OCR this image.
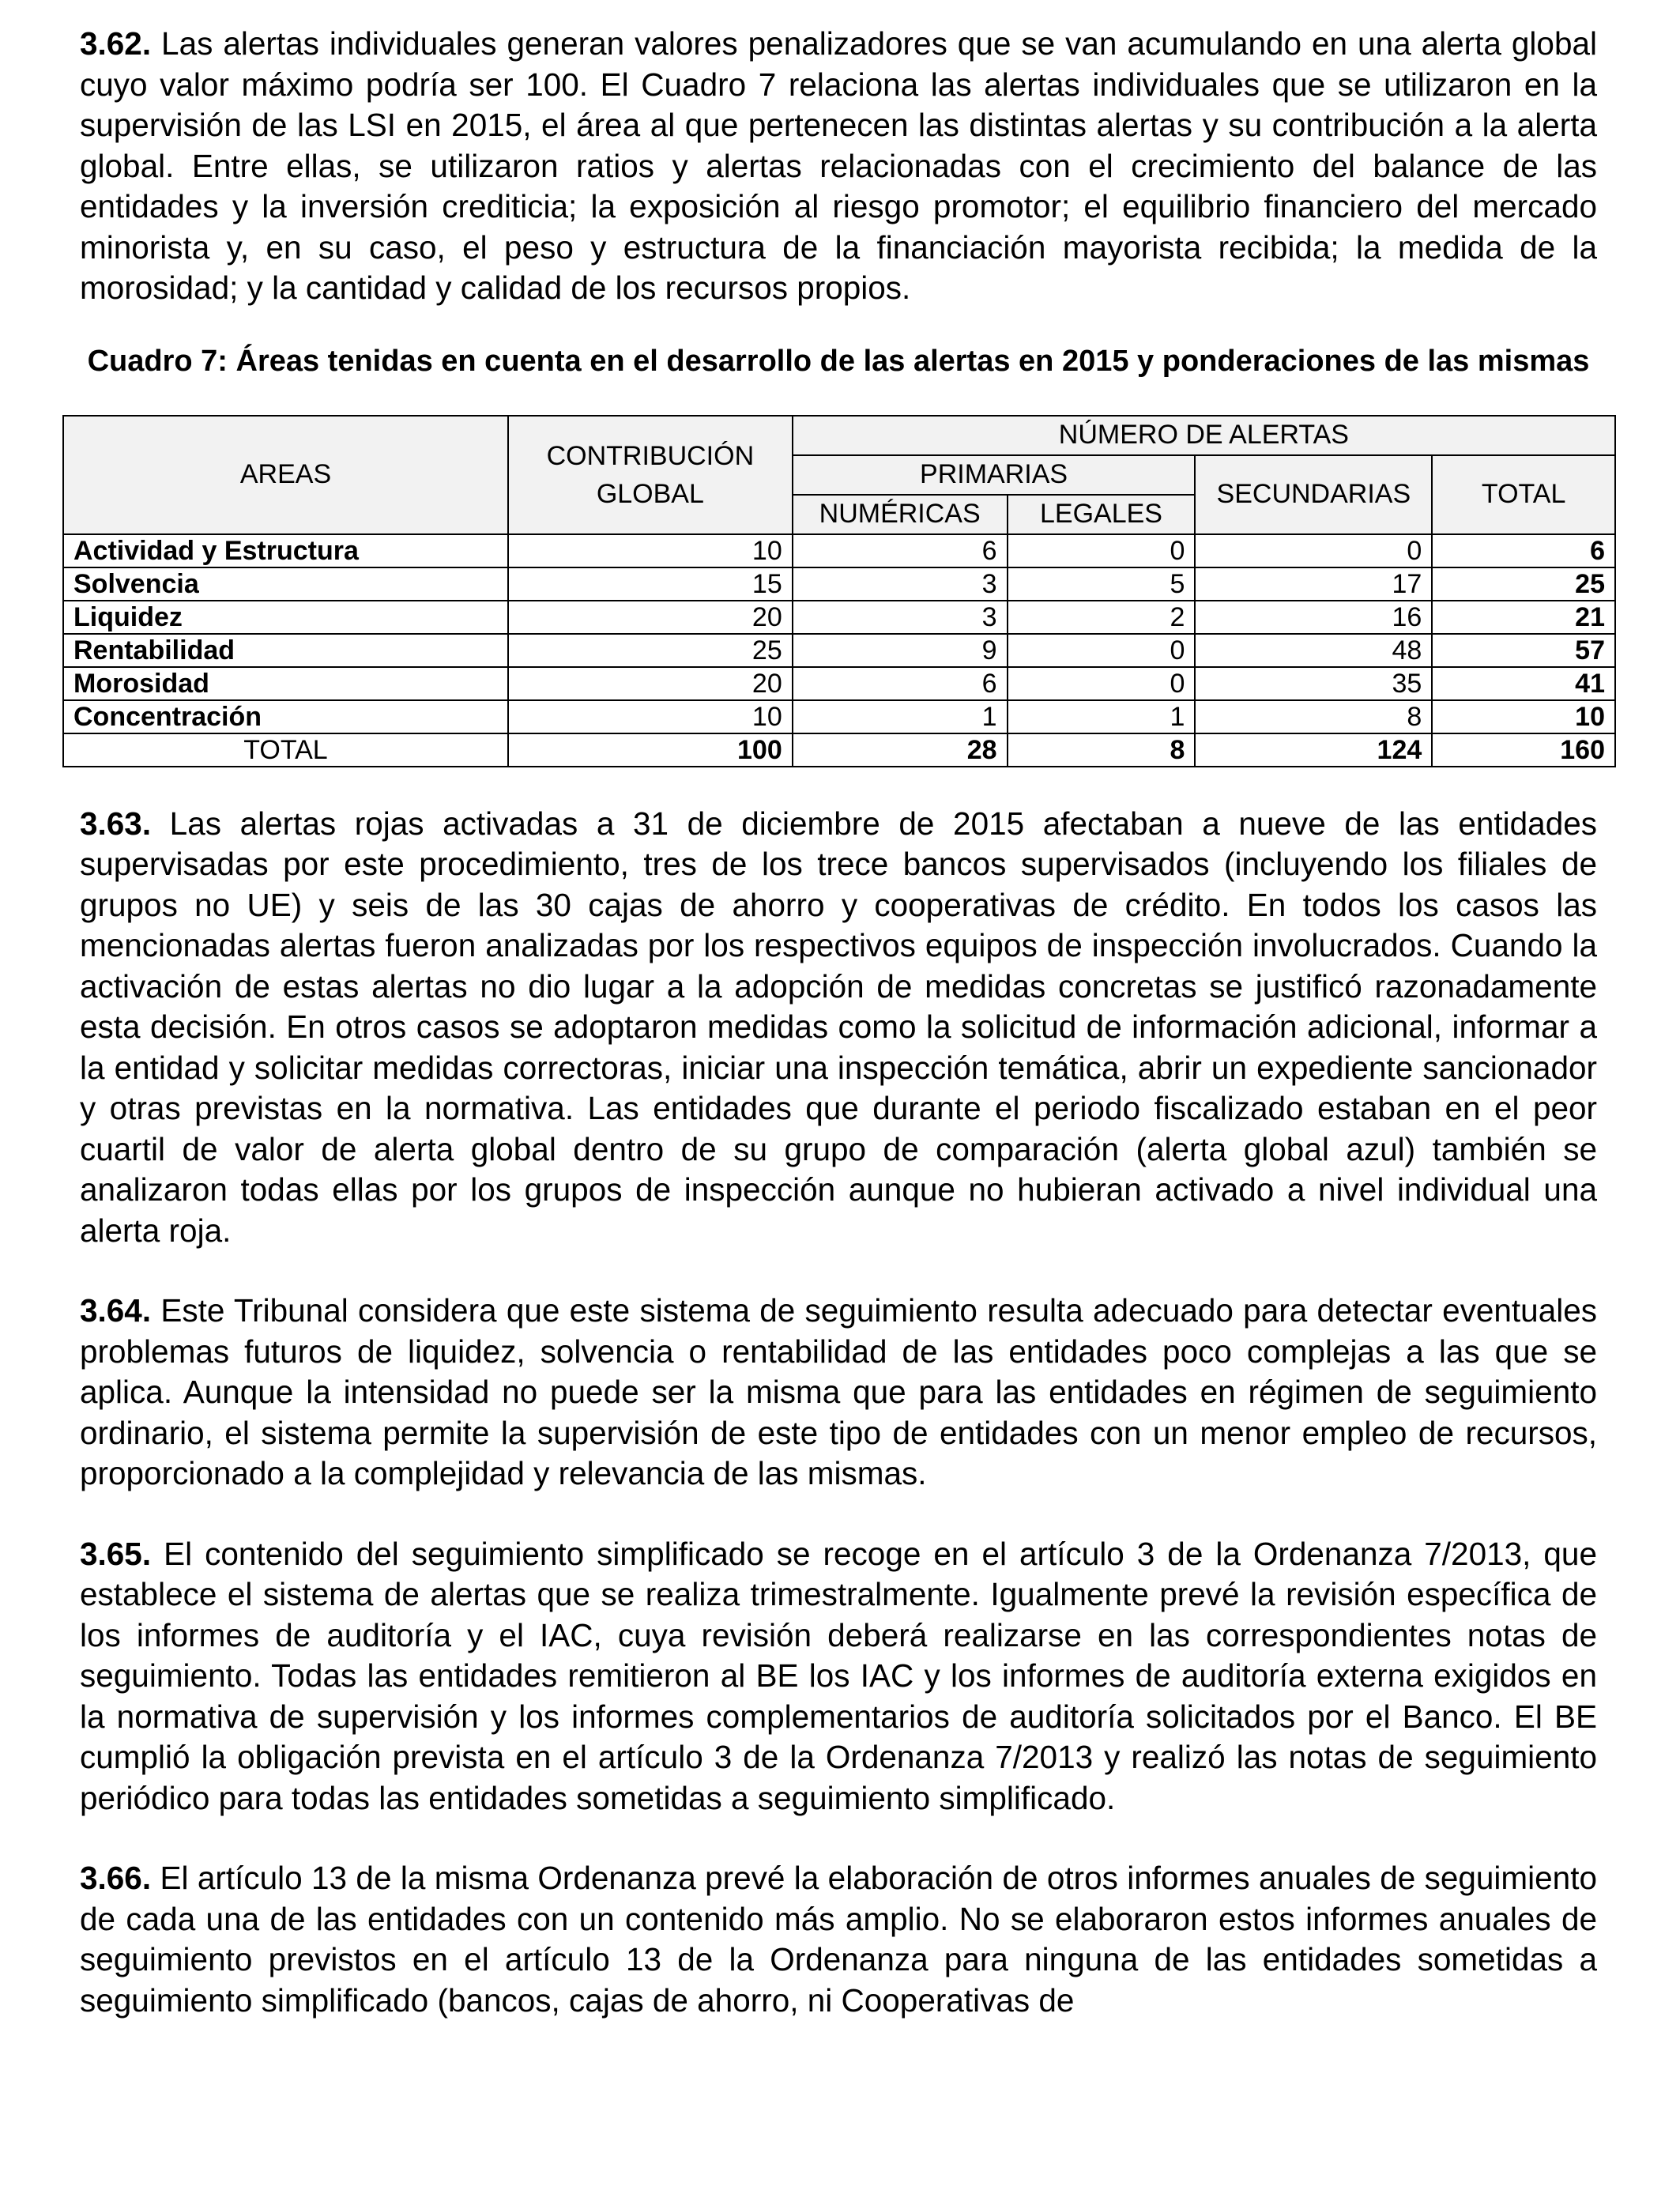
3.62. Las alertas individuales generan valores penalizadores que se van acumulando en una alerta global cuyo valor máximo podría ser 100. El Cuadro 7 relaciona las alertas individuales que se utilizaron en la supervisión de las LSI en 2015, el área al que pertenecen las distintas alertas y su contribución a la alerta global. Entre ellas, se utilizaron ratios y alertas relacionadas con el crecimiento del balance de las entidades y la inversión crediticia; la exposición al riesgo promotor; el equilibrio financiero del mercado minorista y, en su caso, el peso y estructura de la financiación mayorista recibida; la medida de la morosidad; y la cantidad y calidad de los recursos propios.

Cuadro 7: Áreas tenidas en cuenta en el desarrollo de las alertas en 2015 y ponderaciones de las mismas
AREAS	CONTRIBUCIÓN GLOBAL	NÚMERO DE ALERTAS			
		PRIMARIAS		SECUNDARIAS	TOTAL
		NUMÉRICAS	LEGALES		
Actividad y Estructura	10	6	0	0	6
Solvencia	15	3	5	17	25
Liquidez	20	3	2	16	21
Rentabilidad	25	9	0	48	57
Morosidad	20	6	0	35	41
Concentración	10	1	1	8	10
TOTAL	100	28	8	124	160

3.63. Las alertas rojas activadas a 31 de diciembre de 2015 afectaban a nueve de las entidades supervisadas por este procedimiento, tres de los trece bancos supervisados (incluyendo los filiales de grupos no UE) y seis de las 30 cajas de ahorro y cooperativas de crédito. En todos los casos las mencionadas alertas fueron analizadas por los respectivos equipos de inspección involucrados. Cuando la activación de estas alertas no dio lugar a la adopción de medidas concretas se justificó razonadamente esta decisión. En otros casos se adoptaron medidas como la solicitud de información adicional, informar a la entidad y solicitar medidas correctoras, iniciar una inspección temática, abrir un expediente sancionador y otras previstas en la normativa. Las entidades que durante el periodo fiscalizado estaban en el peor cuartil de valor de alerta global dentro de su grupo de comparación (alerta global azul) también se analizaron todas ellas por los grupos de inspección aunque no hubieran activado a nivel individual una alerta roja.

3.64. Este Tribunal considera que este sistema de seguimiento resulta adecuado para detectar eventuales problemas futuros de liquidez, solvencia o rentabilidad de las entidades poco complejas a las que se aplica. Aunque la intensidad no puede ser la misma que para las entidades en régimen de seguimiento ordinario, el sistema permite la supervisión de este tipo de entidades con un menor empleo de recursos, proporcionado a la complejidad y relevancia de las mismas.

3.65. El contenido del seguimiento simplificado se recoge en el artículo 3 de la Ordenanza 7/2013, que establece el sistema de alertas que se realiza trimestralmente. Igualmente prevé la revisión específica de los informes de auditoría y el IAC, cuya revisión deberá realizarse en las correspondientes notas de seguimiento. Todas las entidades remitieron al BE los IAC y los informes de auditoría externa exigidos en la normativa de supervisión y los informes complementarios de auditoría solicitados por el Banco. El BE cumplió la obligación prevista en el artículo 3 de la Ordenanza 7/2013 y realizó las notas de seguimiento periódico para todas las entidades sometidas a seguimiento simplificado.

3.66. El artículo 13 de la misma Ordenanza prevé la elaboración de otros informes anuales de seguimiento de cada una de las entidades con un contenido más amplio. No se elaboraron estos informes anuales de seguimiento previstos en el artículo 13 de la Ordenanza para ninguna de las entidades sometidas a seguimiento simplificado (bancos, cajas de ahorro, ni Cooperativas de
